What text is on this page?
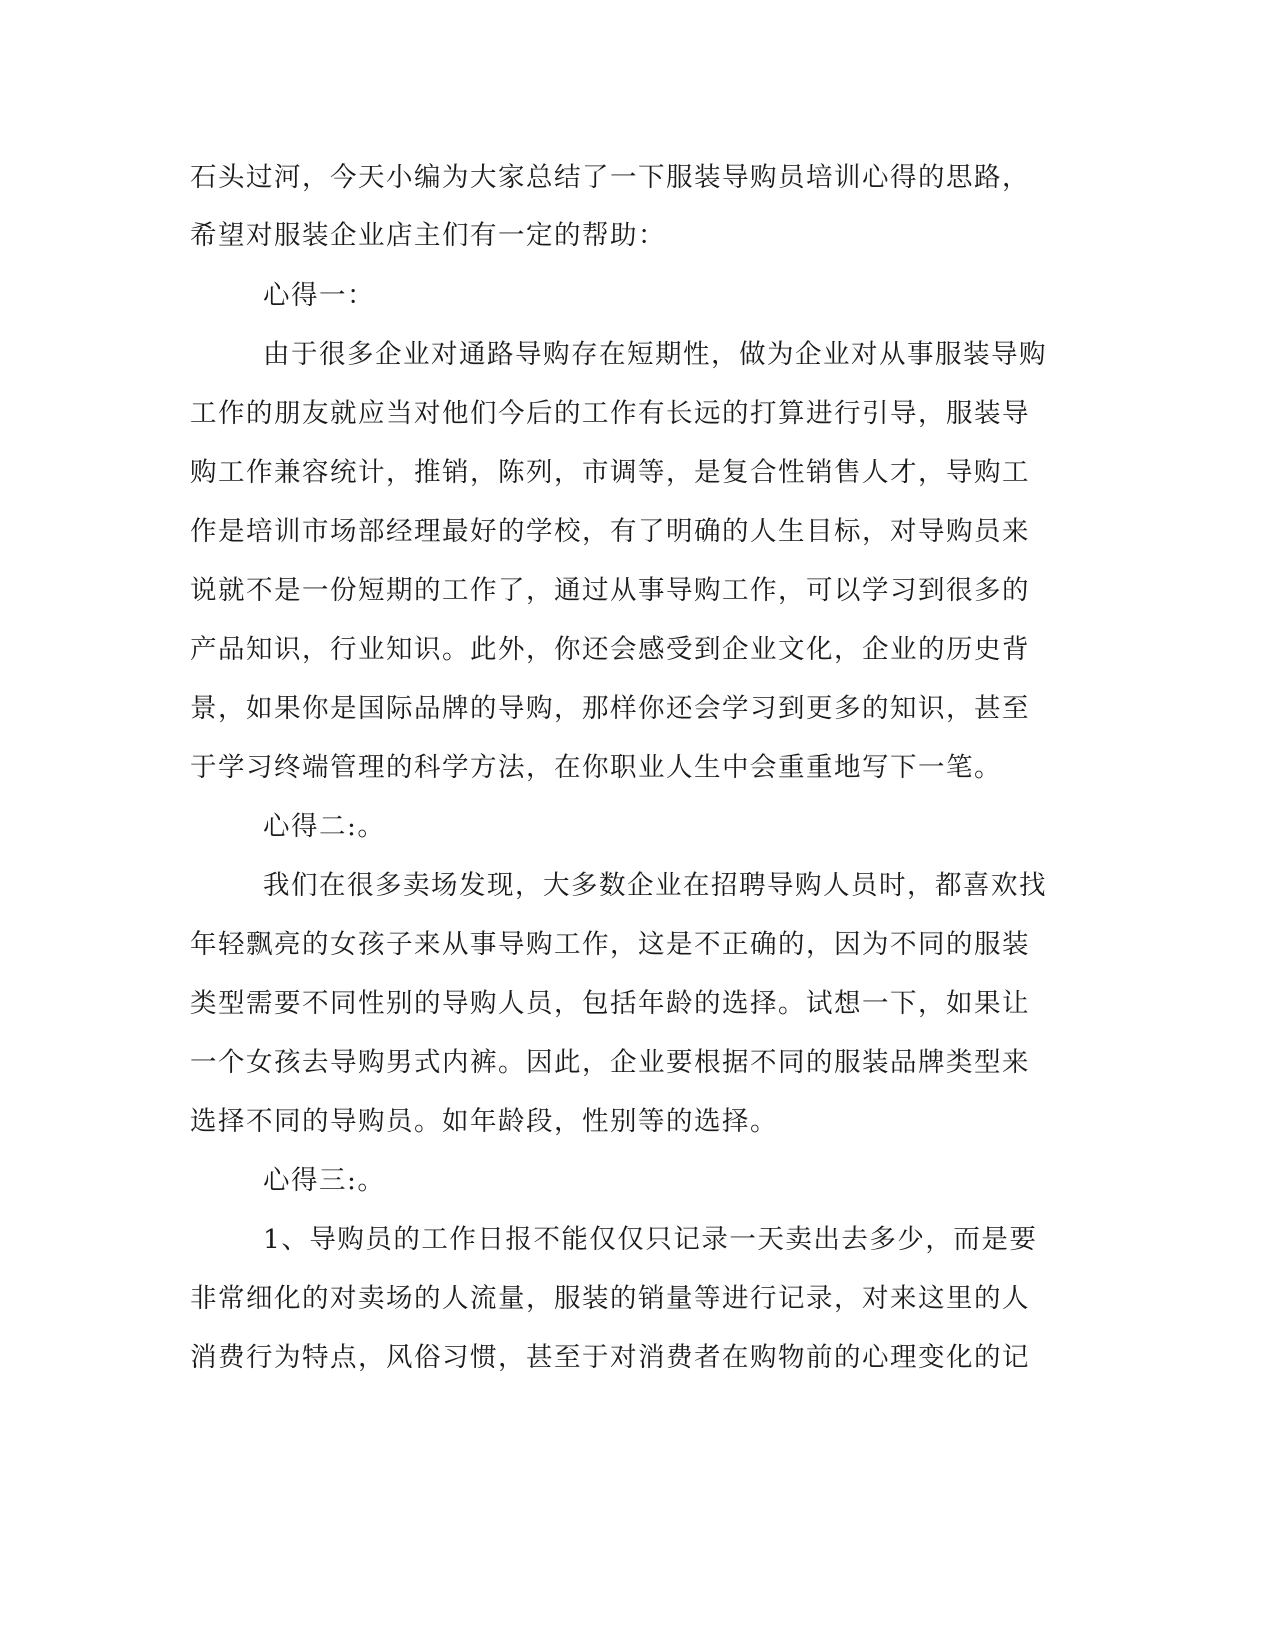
石头过河，今天小编为大家总结了一下服装导购员培训心得的思路，
希望对服装企业店主们有一定的帮助：
心得一：
由于很多企业对通路导购存在短期性，做为企业对从事服装导购
工作的朋友就应当对他们今后的工作有长远的打算进行引导，服装导
购工作兼容统计，推销，陈列，市调等，是复合性销售人才，导购工
作是培训市场部经理最好的学校，有了明确的人生目标，对导购员来
说就不是一份短期的工作了，通过从事导购工作，可以学习到很多的
产品知识，行业知识。此外，你还会感受到企业文化，企业的历史背
景，如果你是国际品牌的导购，那样你还会学习到更多的知识，甚至
于学习终端管理的科学方法，在你职业人生中会重重地写下一笔。
心得二:。
我们在很多卖场发现，大多数企业在招聘导购人员时，都喜欢找
年轻飘亮的女孩子来从事导购工作，这是不正确的，因为不同的服装
类型需要不同性别的导购人员，包括年龄的选择。试想一下，如果让
一个女孩去导购男式内裤。因此，企业要根据不同的服装品牌类型来
选择不同的导购员。如年龄段，性别等的选择。
心得三:。
1、导购员的工作日报不能仅仅只记录一天卖出去多少，而是要
非常细化的对卖场的人流量，服装的销量等进行记录，对来这里的人
消费行为特点，风俗习惯，甚至于对消费者在购物前的心理变化的记
